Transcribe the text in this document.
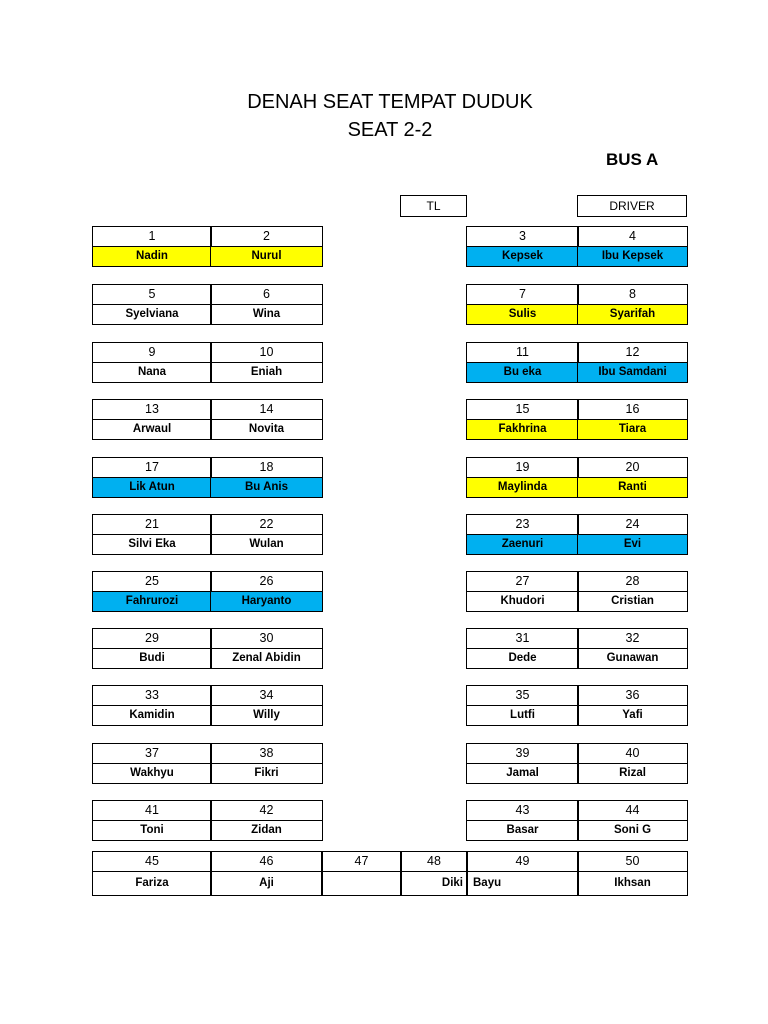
DENAH SEAT TEMPAT DUDUK
SEAT 2-2
BUS A
TL	DRIVER
1
Nadin
2
Nurul
3
Kepsek
4
Ibu Kepsek
5
Syelviana
6
Wina
7
Sulis
8
Syarifah
9
Nana
10
Eniah
11
Bu eka
12
Ibu Samdani
13
Arwaul
14
Novita
15
Fakhrina
16
Tiara
17
Lik Atun
18
Bu Anis
19
Maylinda
20
Ranti
21
Silvi Eka
22
Wulan
23
Zaenuri
24
Evi
25
Fahrurozi
26
Haryanto
27
Khudori
28
Cristian
29
Budi
30
Zenal Abidin
31
Dede
32
Gunawan
33
Kamidin
34
Willy
35
Lutfi
36
Yafi
37
Wakhyu
38
Fikri
39
Jamal
40
Rizal
41
Toni
42
Zidan
43
Basar
44
Soni G
45
Fariza
46
Aji
47	48
Diki
49
Bayu
50
Ikhsan
